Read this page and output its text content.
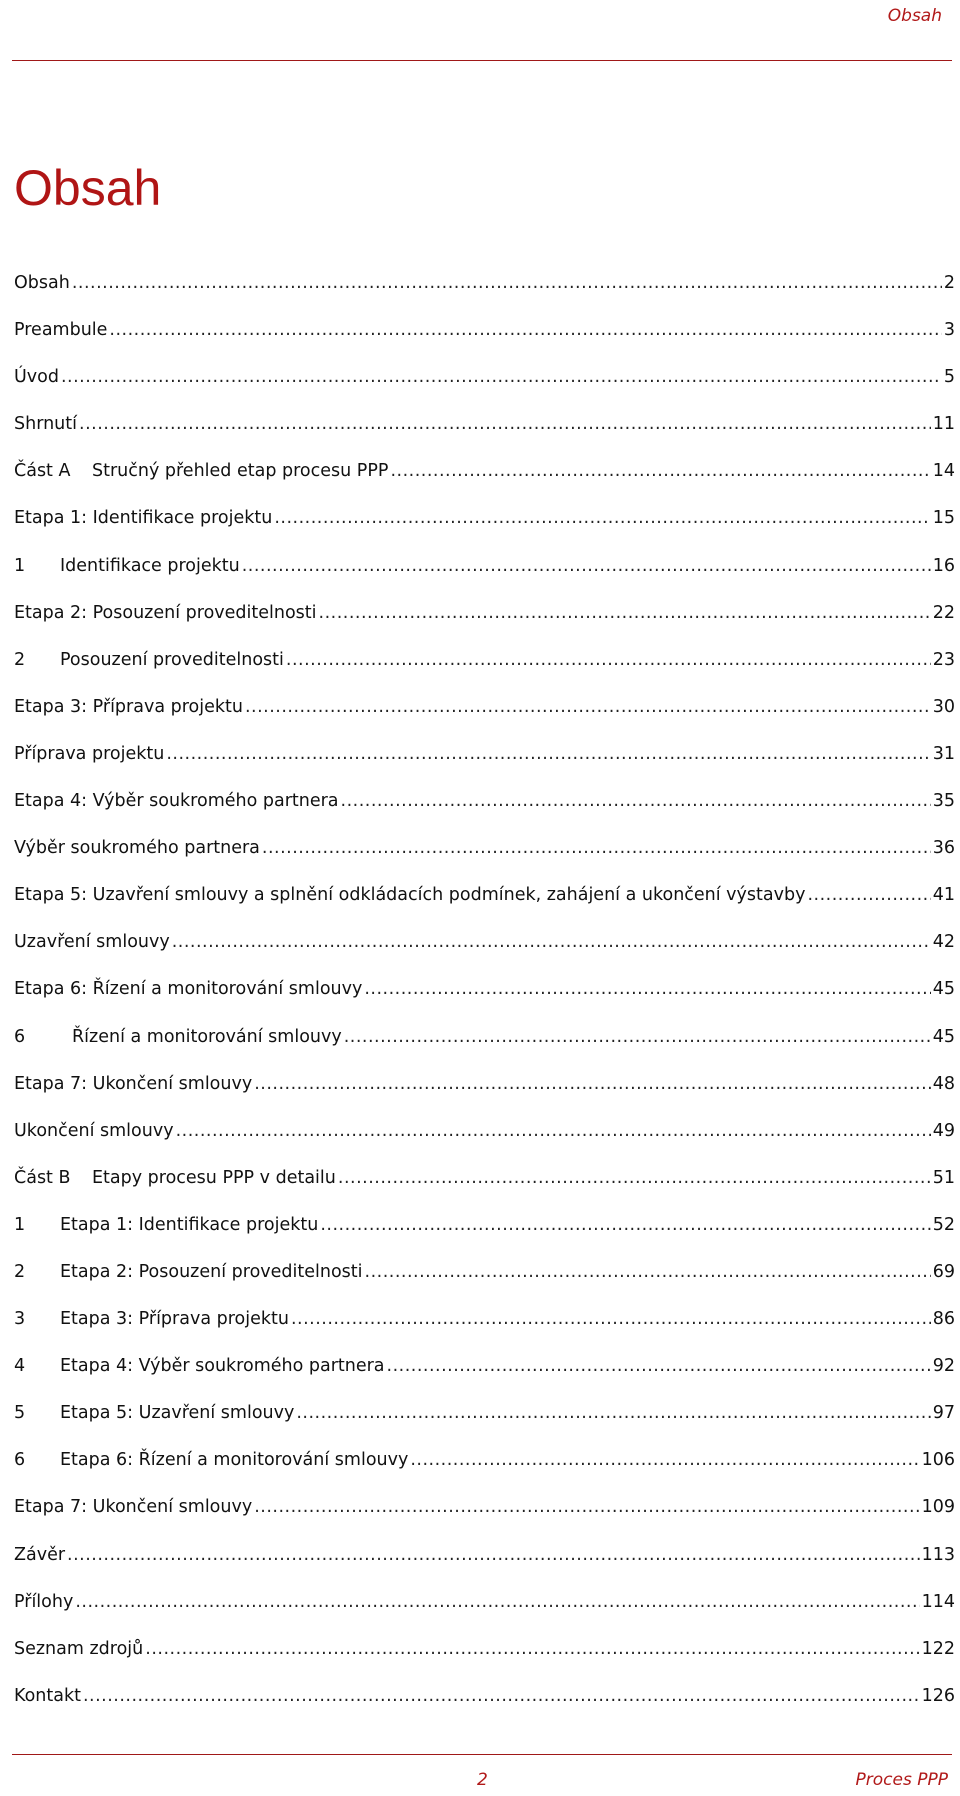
Obsah
Obsah
Obsah .....	2
Preambule .....	3
Úvod .....	5
Shrnutí .....	11
Část A	Stručný přehled etap procesu PPP .....	14
Etapa 1: Identifikace projektu .....	15
1	Identifikace projektu .....	16
Etapa 2: Posouzení proveditelnosti .....	22
2	Posouzení proveditelnosti .....	23
Etapa 3: Příprava projektu .....	30
Příprava projektu .....	31
Etapa 4: Výběr soukromého partnera .....	35
Výběr soukromého partnera .....	36
Etapa 5: Uzavření smlouvy a splnění odkládacích podmínek, zahájení a ukončení výstavby .....	41
Uzavření smlouvy .....	42
Etapa 6: Řízení a monitorování smlouvy .....	45
6	Řízení a monitorování smlouvy .....	45
Etapa 7: Ukončení smlouvy .....	48
Ukončení smlouvy .....	49
Část B	Etapy procesu PPP v detailu .....	51
1	Etapa 1: Identifikace projektu .....	52
2	Etapa 2: Posouzení proveditelnosti .....	69
3	Etapa 3: Příprava projektu .....	86
4	Etapa 4: Výběr soukromého partnera .....	92
5	Etapa 5: Uzavření smlouvy .....	97
6	Etapa 6: Řízení a monitorování smlouvy .....	106
Etapa 7: Ukončení smlouvy .....	109
Závěr .....	113
Přílohy .....	114
Seznam zdrojů .....	122
Kontakt .....	126
2	Proces PPP
